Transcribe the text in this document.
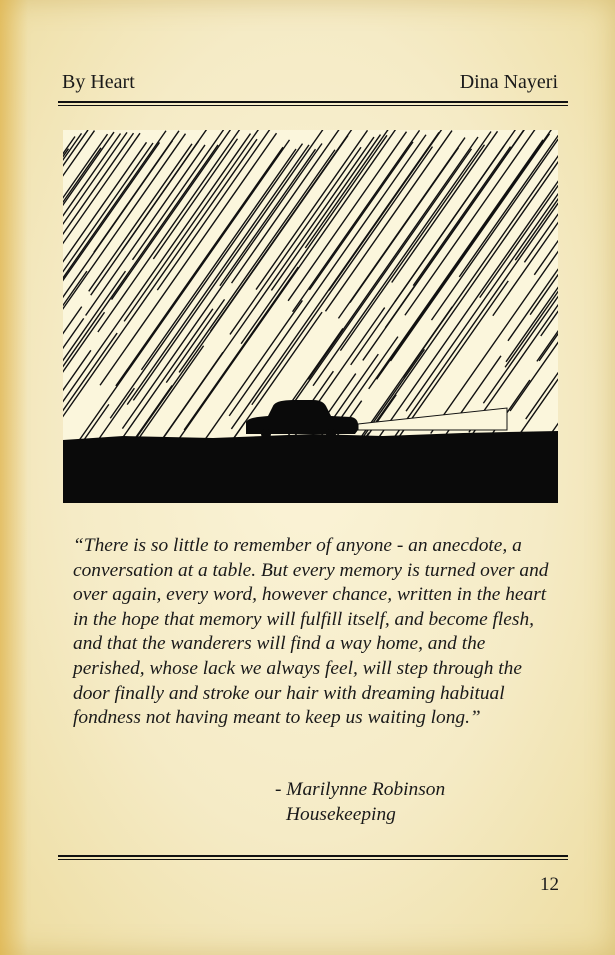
By Heart	Dina Nayeri

“There is so little to remember of anyone - an anecdote, a conversation at a table. But every memory is turned over and over again, every word, however chance, written in the heart in the hope that memory will fulfill itself, and become flesh, and that the wanderers will find a way home, and the perished, whose lack we always feel, will step through the door finally and stroke our hair with dreaming habitual fondness not having meant to keep us waiting long.”

- Marilynne Robinson
Housekeeping
12
